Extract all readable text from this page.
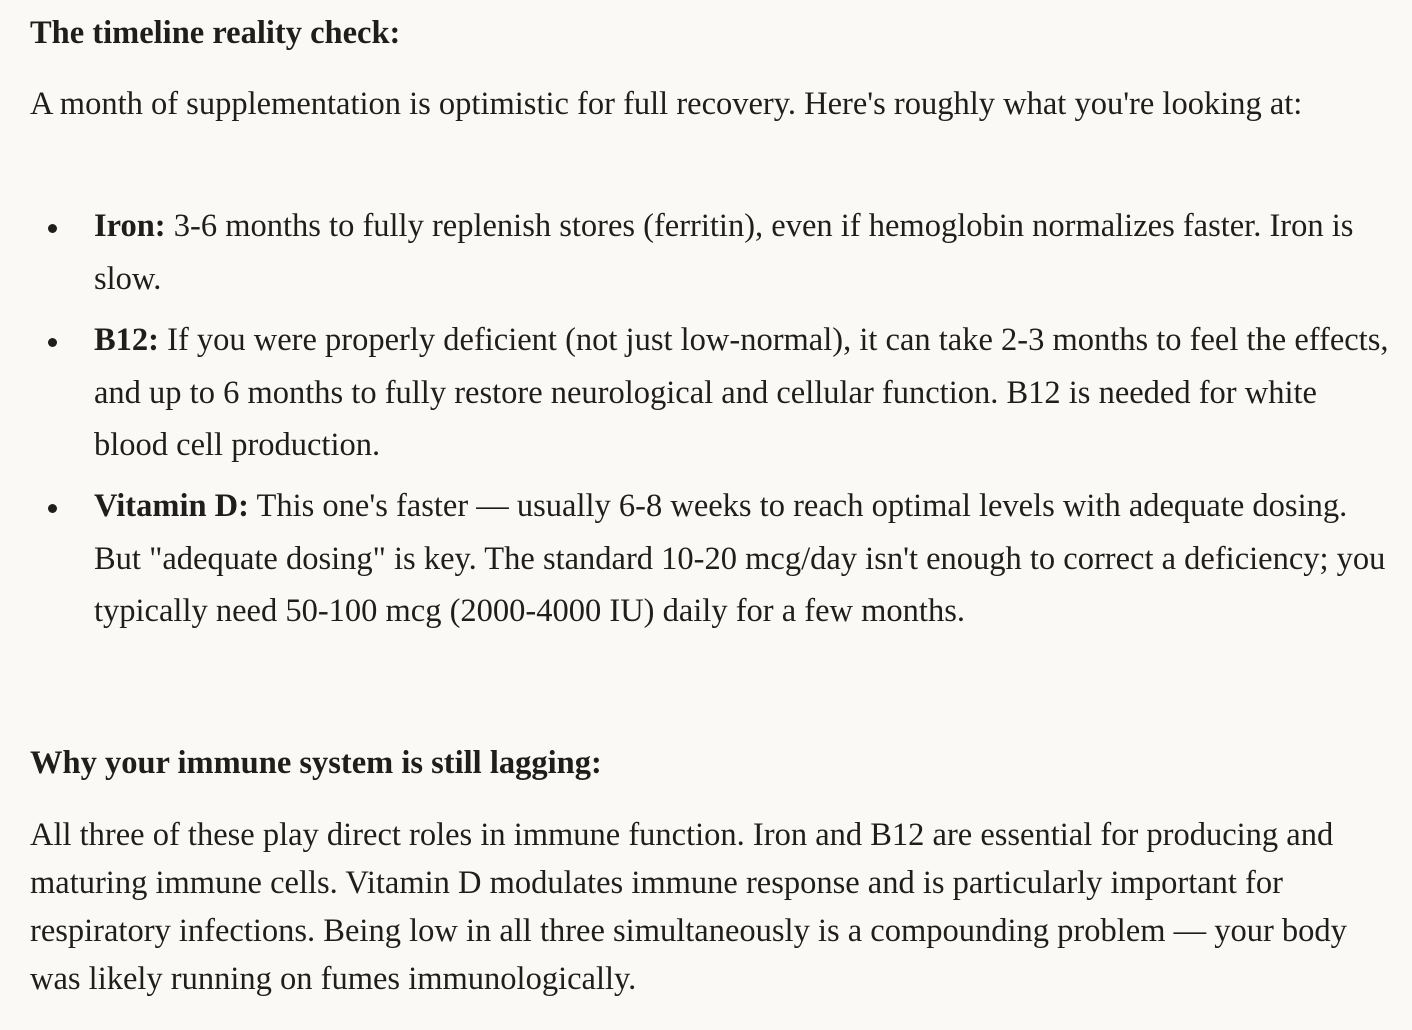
The timeline reality check:

A month of supplementation is optimistic for full recovery. Here's roughly what you're looking at:

Iron: 3-6 months to fully replenish stores (ferritin), even if hemoglobin normalizes faster. Iron is slow.

B12: If you were properly deficient (not just low-normal), it can take 2-3 months to feel the effects, and up to 6 months to fully restore neurological and cellular function. B12 is needed for white blood cell production.

Vitamin D: This one's faster — usually 6-8 weeks to reach optimal levels with adequate dosing. But "adequate dosing" is key. The standard 10-20 mcg/day isn't enough to correct a deficiency; you typically need 50-100 mcg (2000-4000 IU) daily for a few months.

Why your immune system is still lagging:

All three of these play direct roles in immune function. Iron and B12 are essential for producing and maturing immune cells. Vitamin D modulates immune response and is particularly important for respiratory infections. Being low in all three simultaneously is a compounding problem — your body was likely running on fumes immunologically.
